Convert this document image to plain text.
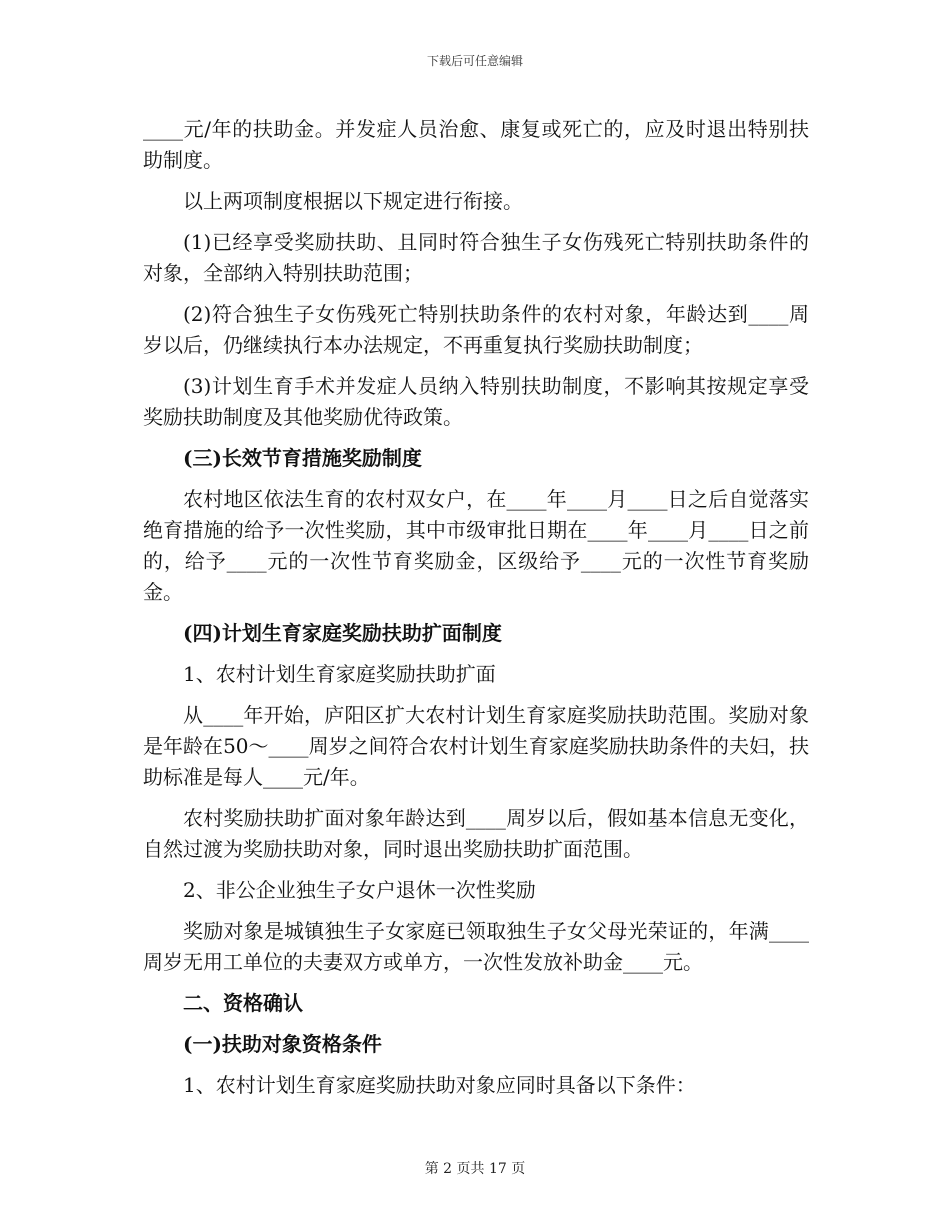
下载后可任意编辑

____元/年的扶助金。并发症人员治愈、康复或死亡的，应及时退出特别扶助制度。

以上两项制度根据以下规定进行衔接。

(1)已经享受奖励扶助、且同时符合独生子女伤残死亡特别扶助条件的对象，全部纳入特别扶助范围；

(2)符合独生子女伤残死亡特别扶助条件的农村对象，年龄达到____周岁以后，仍继续执行本办法规定，不再重复执行奖励扶助制度；

(3)计划生育手术并发症人员纳入特别扶助制度，不影响其按规定享受奖励扶助制度及其他奖励优待政策。

(三)长效节育措施奖励制度

农村地区依法生育的农村双女户，在____年____月____日之后自觉落实绝育措施的给予一次性奖励，其中市级审批日期在____年____月____日之前的，给予____元的一次性节育奖励金，区级给予____元的一次性节育奖励金。

(四)计划生育家庭奖励扶助扩面制度

1、农村计划生育家庭奖励扶助扩面

从____年开始，庐阳区扩大农村计划生育家庭奖励扶助范围。奖励对象是年龄在50～____周岁之间符合农村计划生育家庭奖励扶助条件的夫妇，扶助标准是每人____元/年。

农村奖励扶助扩面对象年龄达到____周岁以后，假如基本信息无变化，自然过渡为奖励扶助对象，同时退出奖励扶助扩面范围。

2、非公企业独生子女户退休一次性奖励

奖励对象是城镇独生子女家庭已领取独生子女父母光荣证的，年满____周岁无用工单位的夫妻双方或单方，一次性发放补助金____元。

二、资格确认

(一)扶助对象资格条件

1、农村计划生育家庭奖励扶助对象应同时具备以下条件：

第 2 页共 17 页
